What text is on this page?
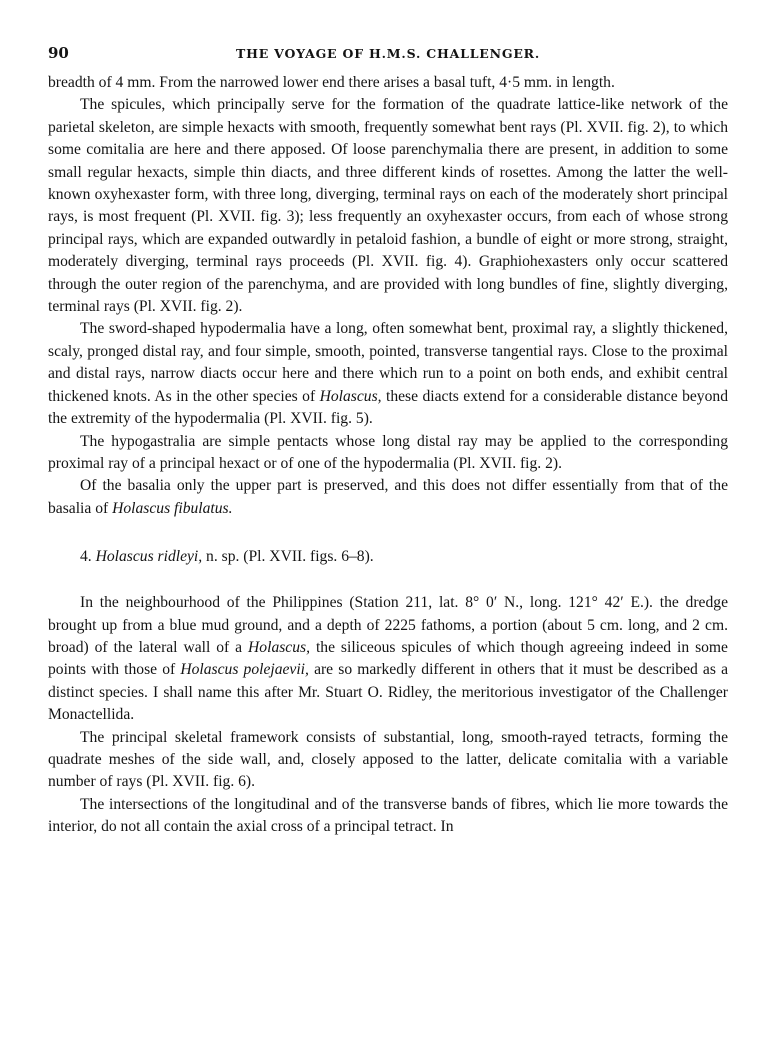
90	THE VOYAGE OF H.M.S. CHALLENGER.

breadth of 4 mm. From the narrowed lower end there arises a basal tuft, 4·5 mm. in length.

The spicules, which principally serve for the formation of the quadrate lattice-like network of the parietal skeleton, are simple hexacts with smooth, frequently somewhat bent rays (Pl. XVII. fig. 2), to which some comitalia are here and there apposed. Of loose parenchymalia there are present, in addition to some small regular hexacts, simple thin diacts, and three different kinds of rosettes. Among the latter the well-known oxyhexaster form, with three long, diverging, terminal rays on each of the moderately short principal rays, is most frequent (Pl. XVII. fig. 3); less frequently an oxyhexaster occurs, from each of whose strong principal rays, which are expanded outwardly in petaloid fashion, a bundle of eight or more strong, straight, moderately diverging, terminal rays proceeds (Pl. XVII. fig. 4). Graphiohexasters only occur scattered through the outer region of the parenchyma, and are provided with long bundles of fine, slightly diverging, terminal rays (Pl. XVII. fig. 2).

The sword-shaped hypodermalia have a long, often somewhat bent, proximal ray, a slightly thickened, scaly, pronged distal ray, and four simple, smooth, pointed, transverse tangential rays. Close to the proximal and distal rays, narrow diacts occur here and there which run to a point on both ends, and exhibit central thickened knots. As in the other species of Holascus, these diacts extend for a considerable distance beyond the extremity of the hypodermalia (Pl. XVII. fig. 5).

The hypogastralia are simple pentacts whose long distal ray may be applied to the corresponding proximal ray of a principal hexact or of one of the hypodermalia (Pl. XVII. fig. 2).

Of the basalia only the upper part is preserved, and this does not differ essentially from that of the basalia of Holascus fibulatus.

4. Holascus ridleyi, n. sp. (Pl. XVII. figs. 6–8).

In the neighbourhood of the Philippines (Station 211, lat. 8° 0′ N., long. 121° 42′ E.). the dredge brought up from a blue mud ground, and a depth of 2225 fathoms, a portion (about 5 cm. long, and 2 cm. broad) of the lateral wall of a Holascus, the siliceous spicules of which though agreeing indeed in some points with those of Holascus polejaevii, are so markedly different in others that it must be described as a distinct species. I shall name this after Mr. Stuart O. Ridley, the meritorious investigator of the Challenger Monactellida.

The principal skeletal framework consists of substantial, long, smooth-rayed tetracts, forming the quadrate meshes of the side wall, and, closely apposed to the latter, delicate comitalia with a variable number of rays (Pl. XVII. fig. 6).

The intersections of the longitudinal and of the transverse bands of fibres, which lie more towards the interior, do not all contain the axial cross of a principal tetract. In
